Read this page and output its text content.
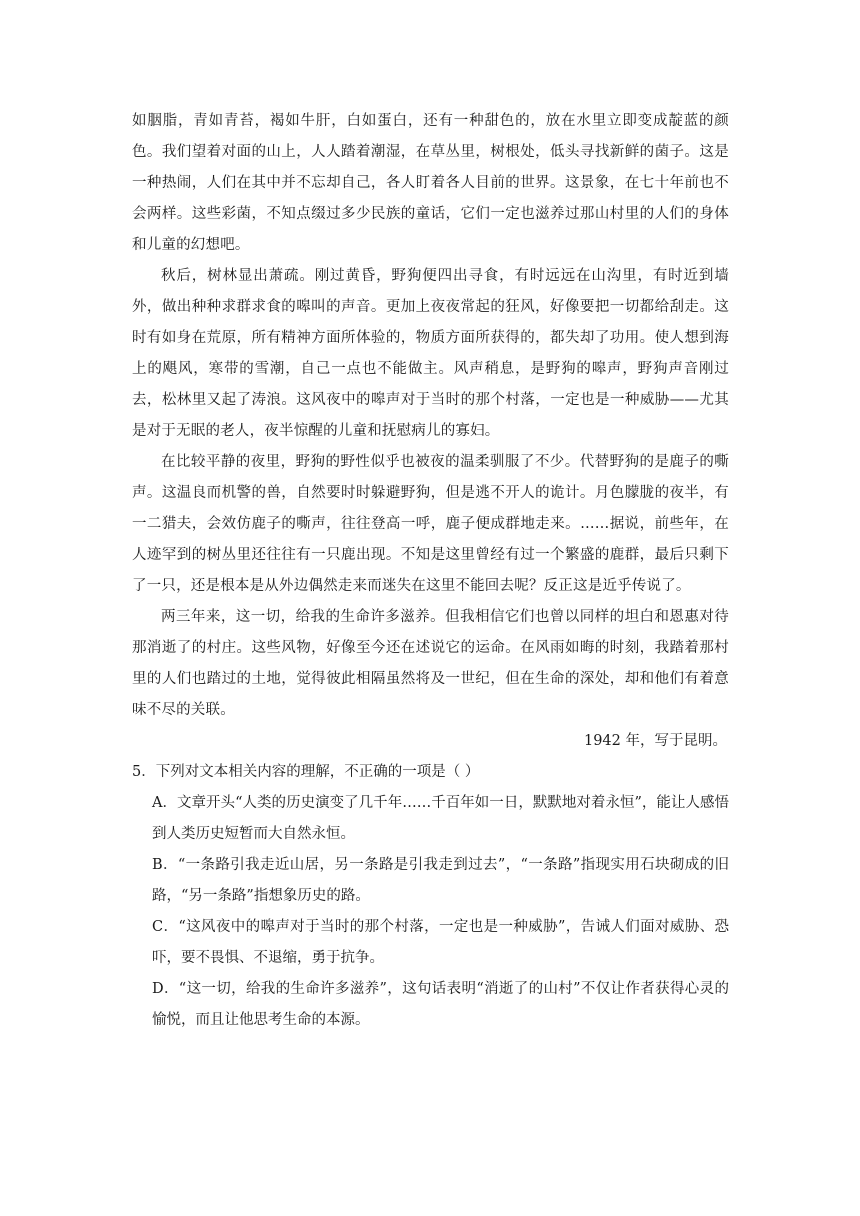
如胭脂，青如青苔，褐如牛肝，白如蛋白，还有一种甜色的，放在水里立即变成靛蓝的颜色。我们望着对面的山上，人人踏着潮湿，在草丛里，树根处，低头寻找新鲜的菌子。这是一种热闹，人们在其中并不忘却自己，各人盯着各人目前的世界。这景象，在七十年前也不会两样。这些彩菌，不知点缀过多少民族的童话，它们一定也滋养过那山村里的人们的身体和儿童的幻想吧。

秋后，树林显出萧疏。刚过黄昏，野狗便四出寻食，有时远远在山沟里，有时近到墙外，做出种种求群求食的嗥叫的声音。更加上夜夜常起的狂风，好像要把一切都给刮走。这时有如身在荒原，所有精神方面所体验的，物质方面所获得的，都失却了功用。使人想到海上的飓风，寒带的雪潮，自己一点也不能做主。风声稍息，是野狗的嗥声，野狗声音刚过去，松林里又起了涛浪。这风夜中的嗥声对于当时的那个村落，一定也是一种威胁——尤其是对于无眠的老人，夜半惊醒的儿童和抚慰病儿的寡妇。

在比较平静的夜里，野狗的野性似乎也被夜的温柔驯服了不少。代替野狗的是鹿子的嘶声。这温良而机警的兽，自然要时时躲避野狗，但是逃不开人的诡计。月色朦胧的夜半，有一二猎夫，会效仿鹿子的嘶声，往往登高一呼，鹿子便成群地走来。……据说，前些年，在人迹罕到的树丛里还往往有一只鹿出现。不知是这里曾经有过一个繁盛的鹿群，最后只剩下了一只，还是根本是从外边偶然走来而迷失在这里不能回去呢？反正这是近乎传说了。

两三年来，这一切，给我的生命许多滋养。但我相信它们也曾以同样的坦白和恩惠对待那消逝了的村庄。这些风物，好像至今还在述说它的运命。在风雨如晦的时刻，我踏着那村里的人们也踏过的土地，觉得彼此相隔虽然将及一世纪，但在生命的深处，却和他们有着意味不尽的关联。

1942 年，写于昆明。

5．下列对文本相关内容的理解，不正确的一项是（ ）

A．文章开头“人类的历史演变了几千年……千百年如一日，默默地对着永恒”，能让人感悟到人类历史短暂而大自然永恒。

B．“一条路引我走近山居，另一条路是引我走到过去”，“一条路”指现实用石块砌成的旧路，“另一条路”指想象历史的路。

C．“这风夜中的嗥声对于当时的那个村落，一定也是一种威胁”，告诫人们面对威胁、恐吓，要不畏惧、不退缩，勇于抗争。

D．“这一切，给我的生命许多滋养”，这句话表明“消逝了的山村”不仅让作者获得心灵的愉悦，而且让他思考生命的本源。
